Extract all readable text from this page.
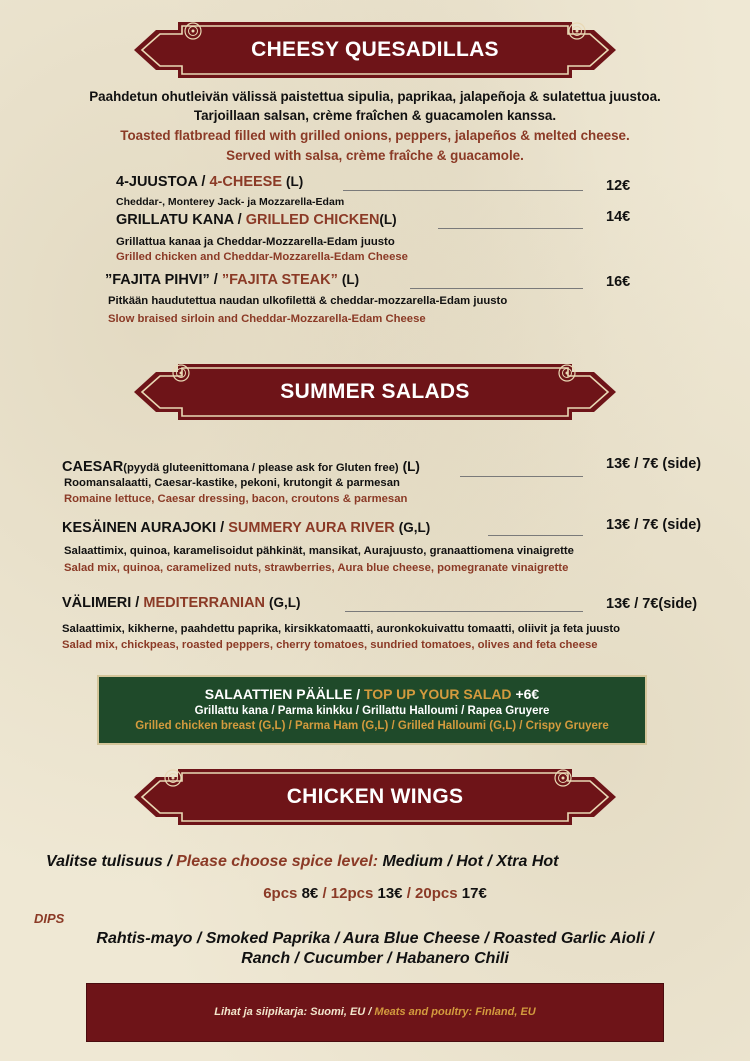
CHEESY QUESADILLAS
Paahdetun ohutleivän välissä paistettua sipulia, paprikaa, jalapeñoja & sulatettua juustoa.
Tarjoillaan salsan, crème fraîchen & guacamolen kanssa.
Toasted flatbread filled with grilled onions, peppers, jalapeños & melted cheese.
Served with salsa, crème fraîche & guacamole.
4-JUUSTOA / 4-CHEESE (L)	12€
Cheddar-, Monterey Jack- ja Mozzarella-Edam
GRILLATU KANA / GRILLED CHICKEN(L)	14€
Grillattua kanaa ja Cheddar-Mozzarella-Edam juusto
Grilled chicken and Cheddar-Mozzarella-Edam Cheese
”FAJITA PIHVI” / ”FAJITA STEAK” (L)	16€
Pitkään haudutettua naudan ulkofilettä & cheddar-mozzarella-Edam juusto
Slow braised sirloin and Cheddar-Mozzarella-Edam Cheese
SUMMER SALADS
CAESAR(pyydä gluteenittomana / please ask for Gluten free) (L)	13€ / 7€ (side)
Roomansalaatti, Caesar-kastike, pekoni, krutongit & parmesan
Romaine lettuce, Caesar dressing, bacon, croutons & parmesan
KESÄINEN AURAJOKI / SUMMERY AURA RIVER (G,L)	13€ / 7€ (side)
Salaattimix, quinoa, karamelisoidut pähkinät, mansikat, Aurajuusto, granaattiomena vinaigrette
Salad mix, quinoa, caramelized nuts, strawberries, Aura blue cheese, pomegranate vinaigrette
VÄLIMERI / MEDITERRANIAN (G,L)	13€ / 7€(side)
Salaattimix, kikherne, paahdettu paprika, kirsikkatomaatti, auronkokuivattu tomaatti, oliivit ja feta juusto
Salad mix, chickpeas, roasted peppers, cherry tomatoes, sundried tomatoes, olives and feta cheese
SALAATTIEN PÄÄLLE / TOP UP YOUR SALAD +6€
Grillattu kana / Parma kinkku / Grillattu Halloumi / Rapea Gruyere
Grilled chicken breast (G,L) / Parma Ham (G,L) / Grilled Halloumi (G,L) / Crispy Gruyere
CHICKEN WINGS
Valitse tulisuus / Please choose spice level: Medium / Hot / Xtra Hot
6pcs 8€ / 12pcs 13€ / 20pcs 17€
DIPS
Rahtis-mayo / Smoked Paprika / Aura Blue Cheese / Roasted Garlic Aioli /
Ranch / Cucumber / Habanero Chili
Lihat ja siipikarja: Suomi, EU / Meats and poultry: Finland, EU
